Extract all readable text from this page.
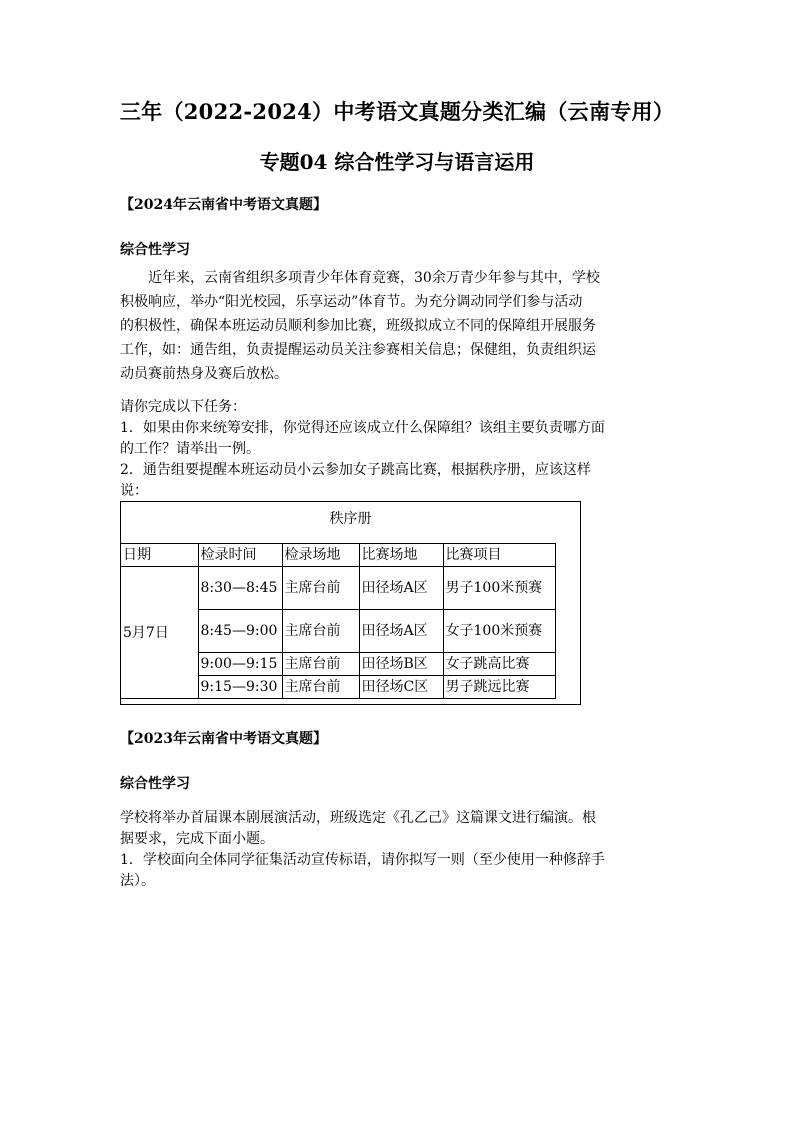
三年（2022-2024）中考语文真题分类汇编（云南专用）
专题04 综合性学习与语言运用
【2024年云南省中考语文真题】
综合性学习
近年来，云南省组织多项青少年体育竞赛，30余万青少年参与其中，学校
积极响应，举办“阳光校园，乐享运动”体育节。为充分调动同学们参与活动
的积极性，确保本班运动员顺利参加比赛，班级拟成立不同的保障组开展服务
工作，如：通告组，负责提醒运动员关注参赛相关信息；保健组，负责组织运
动员赛前热身及赛后放松。
请你完成以下任务：
1．如果由你来统筹安排，你觉得还应该成立什么保障组？该组主要负责哪方面
的工作？请举出一例。
2．通告组要提醒本班运动员小云参加女子跳高比赛，根据秩序册，应该这样
说：
秩序册
日期	检录时间	检录场地	比赛场地	比赛项目
5月7日	8:30—8:45	主席台前	田径场A区	男子100米预赛
	8:45—9:00	主席台前	田径场A区	女子100米预赛
	9:00—9:15	主席台前	田径场B区	女子跳高比赛
	9:15—9:30	主席台前	田径场C区	男子跳远比赛
【2023年云南省中考语文真题】
综合性学习
学校将举办首届课本剧展演活动，班级选定《孔乙己》这篇课文进行编演。根
据要求，完成下面小题。
1．学校面向全体同学征集活动宣传标语，请你拟写一则（至少使用一种修辞手
法）。
